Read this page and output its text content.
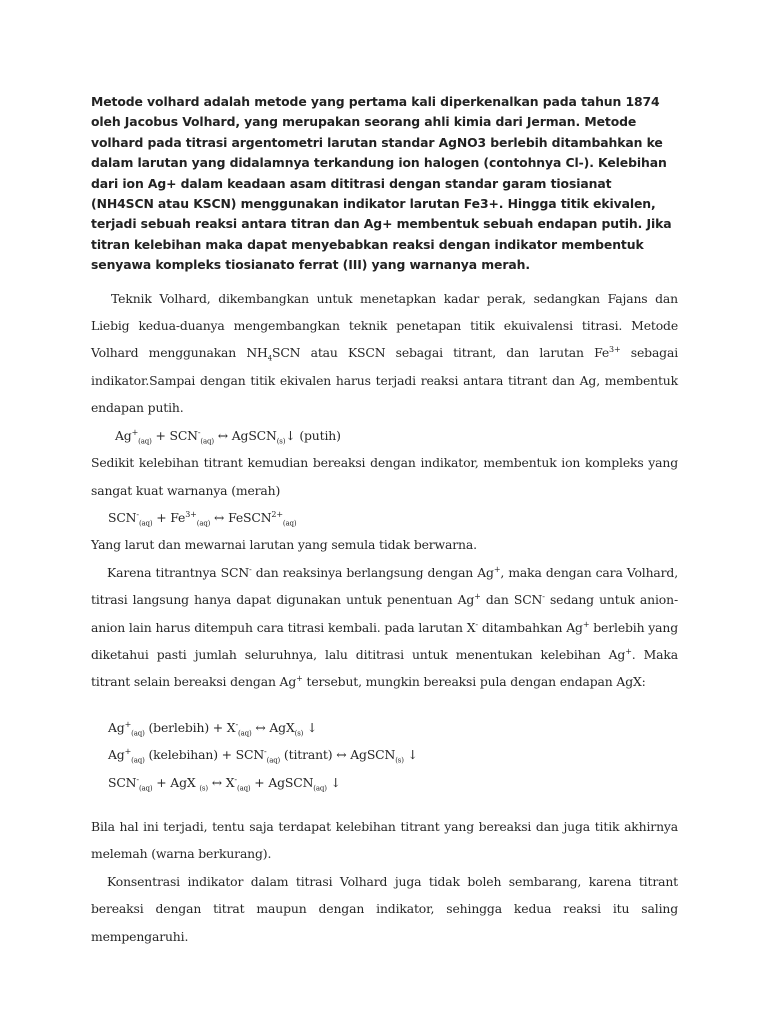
Metode volhard adalah metode yang pertama kali diperkenalkan pada tahun 1874 oleh Jacobus Volhard, yang merupakan seorang ahli kimia dari Jerman. Metode volhard pada titrasi argentometri larutan standar AgNO3 berlebih ditambahkan ke dalam larutan yang didalamnya terkandung ion halogen (contohnya Cl-). Kelebihan dari ion Ag+ dalam keadaan asam dititrasi dengan standar garam tiosianat (NH4SCN atau KSCN) menggunakan indikator larutan Fe3+. Hingga titik ekivalen, terjadi sebuah reaksi antara titran dan Ag+ membentuk sebuah endapan putih. Jika titran kelebihan maka dapat menyebabkan reaksi dengan indikator membentuk senyawa kompleks tiosianato ferrat (III) yang warnanya merah.

Teknik Volhard, dikembangkan untuk menetapkan kadar perak, sedangkan Fajans dan Liebig kedua-duanya mengembangkan teknik penetapan titik ekuivalensi titrasi. Metode Volhard menggunakan $NH_4SCN$ atau KSCN sebagai titrant, dan larutan $Fe^{3+}$ sebagai indikator.Sampai dengan titik ekivalen harus terjadi reaksi antara titrant dan Ag, membentuk endapan putih.

$Ag^+_{(aq)} + SCN^-_{(aq)}$ ↔ AgSCN$_{(s)}$↓ (putih)

Sedikit kelebihan titrant kemudian bereaksi dengan indikator, membentuk ion kompleks yang sangat kuat warnanya (merah)

$SCN^-_{(aq)} + Fe^{3+}_{(aq)}$ ↔ FeSCN$^{2+}_{(aq)}$

Yang larut dan mewarnai larutan yang semula tidak berwarna.

Karena titrantnya SCN- dan reaksinya berlangsung dengan Ag+, maka dengan cara Volhard, titrasi langsung hanya dapat digunakan untuk penentuan Ag+ dan SCN- sedang untuk anion-anion lain harus ditempuh cara titrasi kembali. pada larutan X- ditambahkan Ag+ berlebih yang diketahui pasti jumlah seluruhnya, lalu dititrasi untuk menentukan kelebihan Ag+. Maka titrant selain bereaksi dengan Ag+ tersebut, mungkin bereaksi pula dengan endapan AgX:

$Ag^+_{(aq)}$ (berlebih) + $X^-_{(aq)}$ ↔ AgX$_{(s)}$ ↓

$Ag^+_{(aq)}$ (kelebihan) + $SCN^-_{(aq)}$ (titrant) ↔ AgSCN$_{(s)}$ ↓

$SCN^-_{(aq)}$ + AgX $_{(s)}$ ↔ $X^-_{(aq)}$ + AgSCN$_{(aq)}$ ↓

Bila hal ini terjadi, tentu saja terdapat kelebihan titrant yang bereaksi dan juga titik akhirnya melemah (warna berkurang).

Konsentrasi indikator dalam titrasi Volhard juga tidak boleh sembarang, karena titrant bereaksi dengan titrat maupun dengan indikator, sehingga kedua reaksi itu saling mempengaruhi.
